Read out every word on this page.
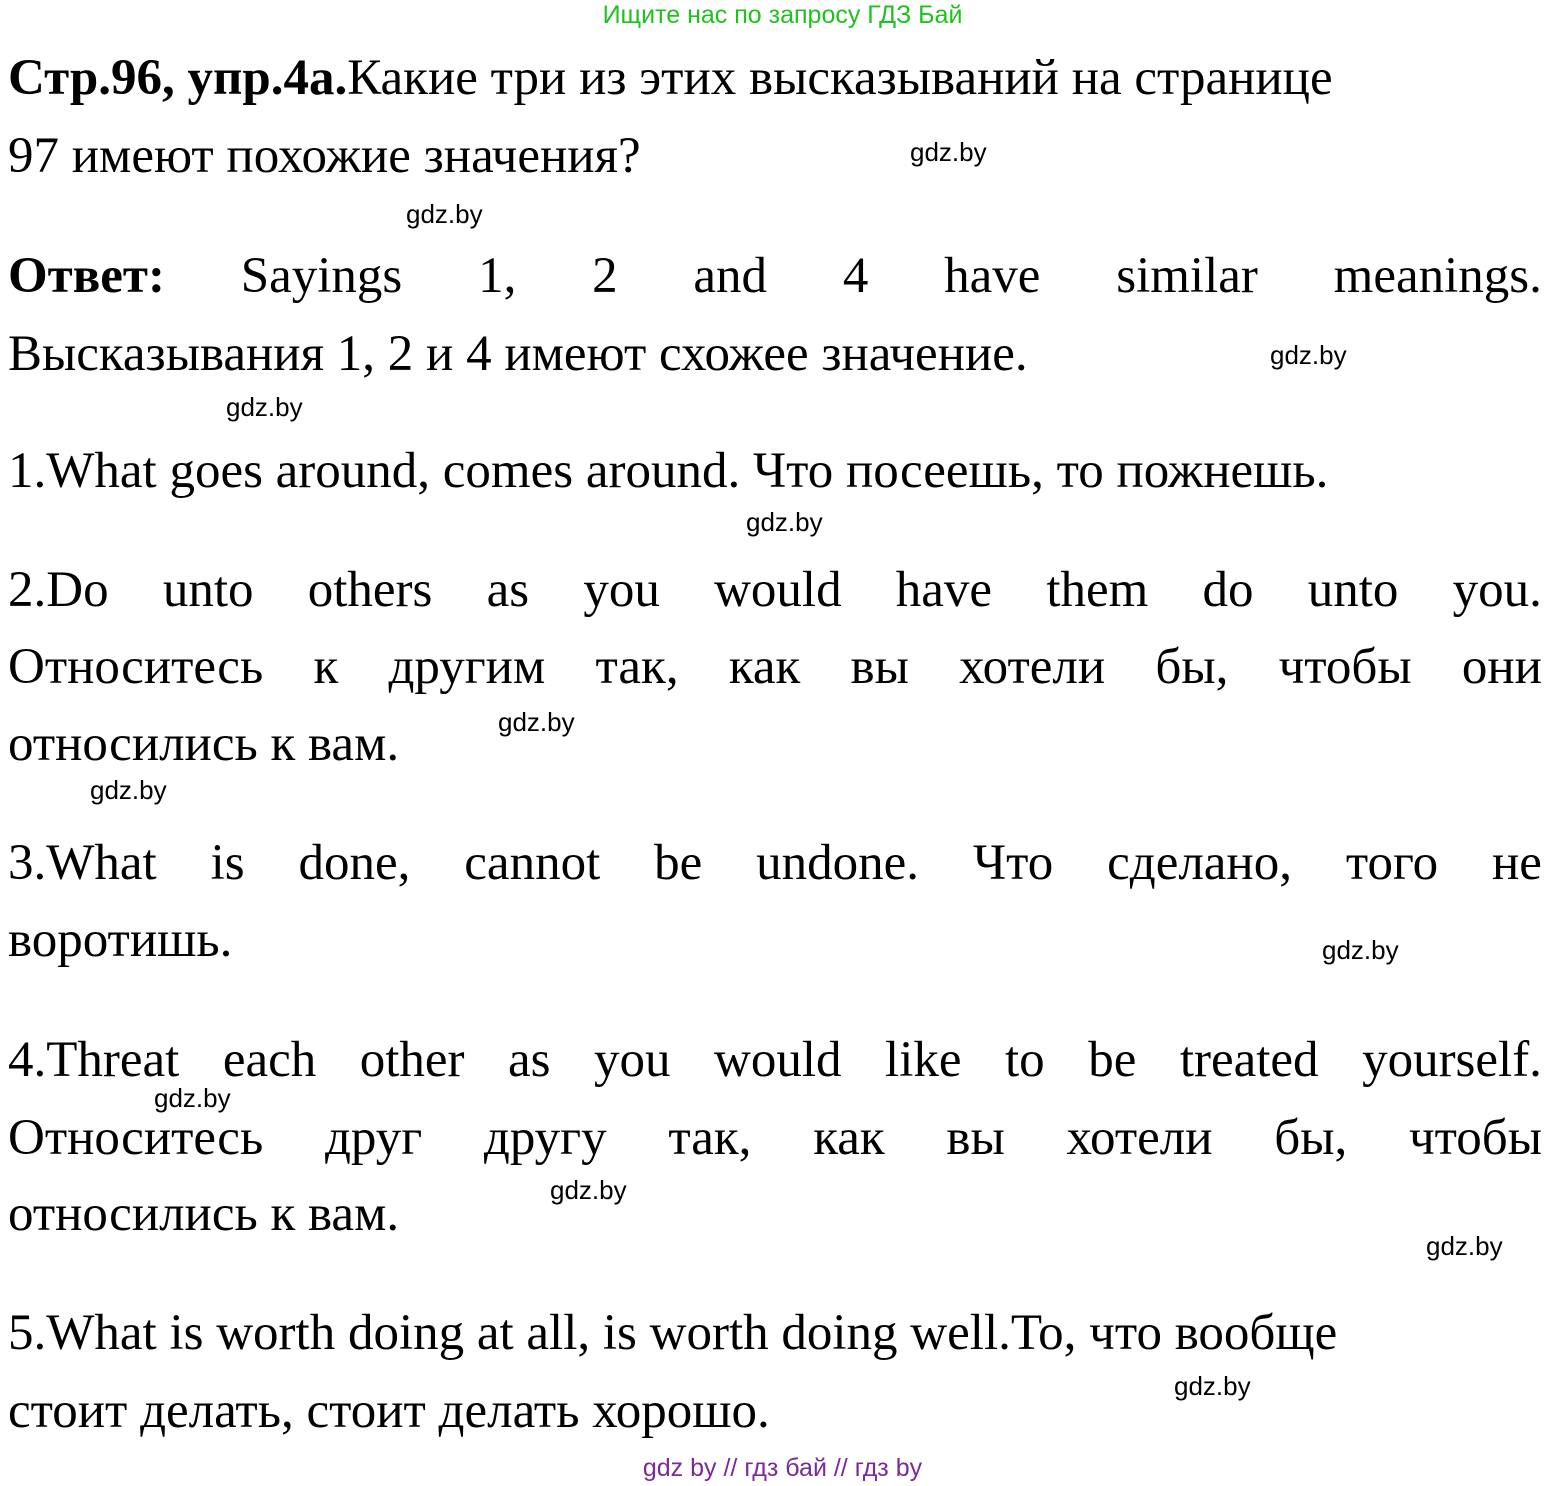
Ищите нас по запросу ГДЗ Бай
Стр.96, упр.4а.Какие три из этих высказываний на странице
97 имеют похожие значения?
Ответ: Sayings 1, 2 and 4 have similar meanings.
Высказывания 1, 2 и 4 имеют схожее значение.
1.What goes around, comes around. Что посеешь, то пожнешь.
2.Do unto others as you would have them do unto you.
Относитесь к другим так, как вы хотели бы, чтобы они
относились к вам.
3.What is done, cannot be undone. Что сделано, того не
воротишь.
4.Threat each other as you would like to be treated yourself.
Относитесь друг другу так, как вы хотели бы, чтобы
относились к вам.
5.What is worth doing at all, is worth doing well.То, что вообще
стоит делать, стоит делать хорошо.
gdz.by
gdz.by
gdz.by
gdz.by
gdz.by
gdz.by
gdz.by
gdz.by
gdz.by
gdz.by
gdz.by
gdz.by
gdz by // гдз бай // гдз by
